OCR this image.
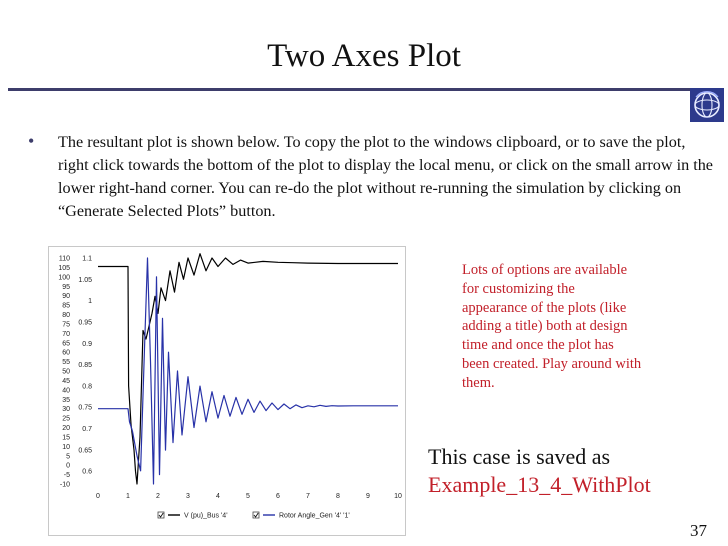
Two Axes Plot
• The resultant plot is shown below. To copy the plot to the windows clipboard, or to save the plot, right click towards the bottom of the plot to display the local menu, or click on the small arrow in the lower right-hand corner. You can re-do the plot without re-running the simulation by clicking on “Generate Selected Plots” button.
110
105
100
95
90
85
80
75
70
65
60
55
50
45
40
35
30
25
20
15
10
5
0
-5
-10
1.1
1.05
1
0.95
0.9
0.85
0.8
0.75
0.7
0.65
0.6
0	1	2	3	4	5	6	7	8	9	10
V (pu)_Bus '4'	Rotor Angle_Gen '4' '1'
Lots of options are available for customizing the appearance of the plots (like adding a title) both at design time and once the plot has been created. Play around with them.
This case is saved as
Example_13_4_WithPlot
37
